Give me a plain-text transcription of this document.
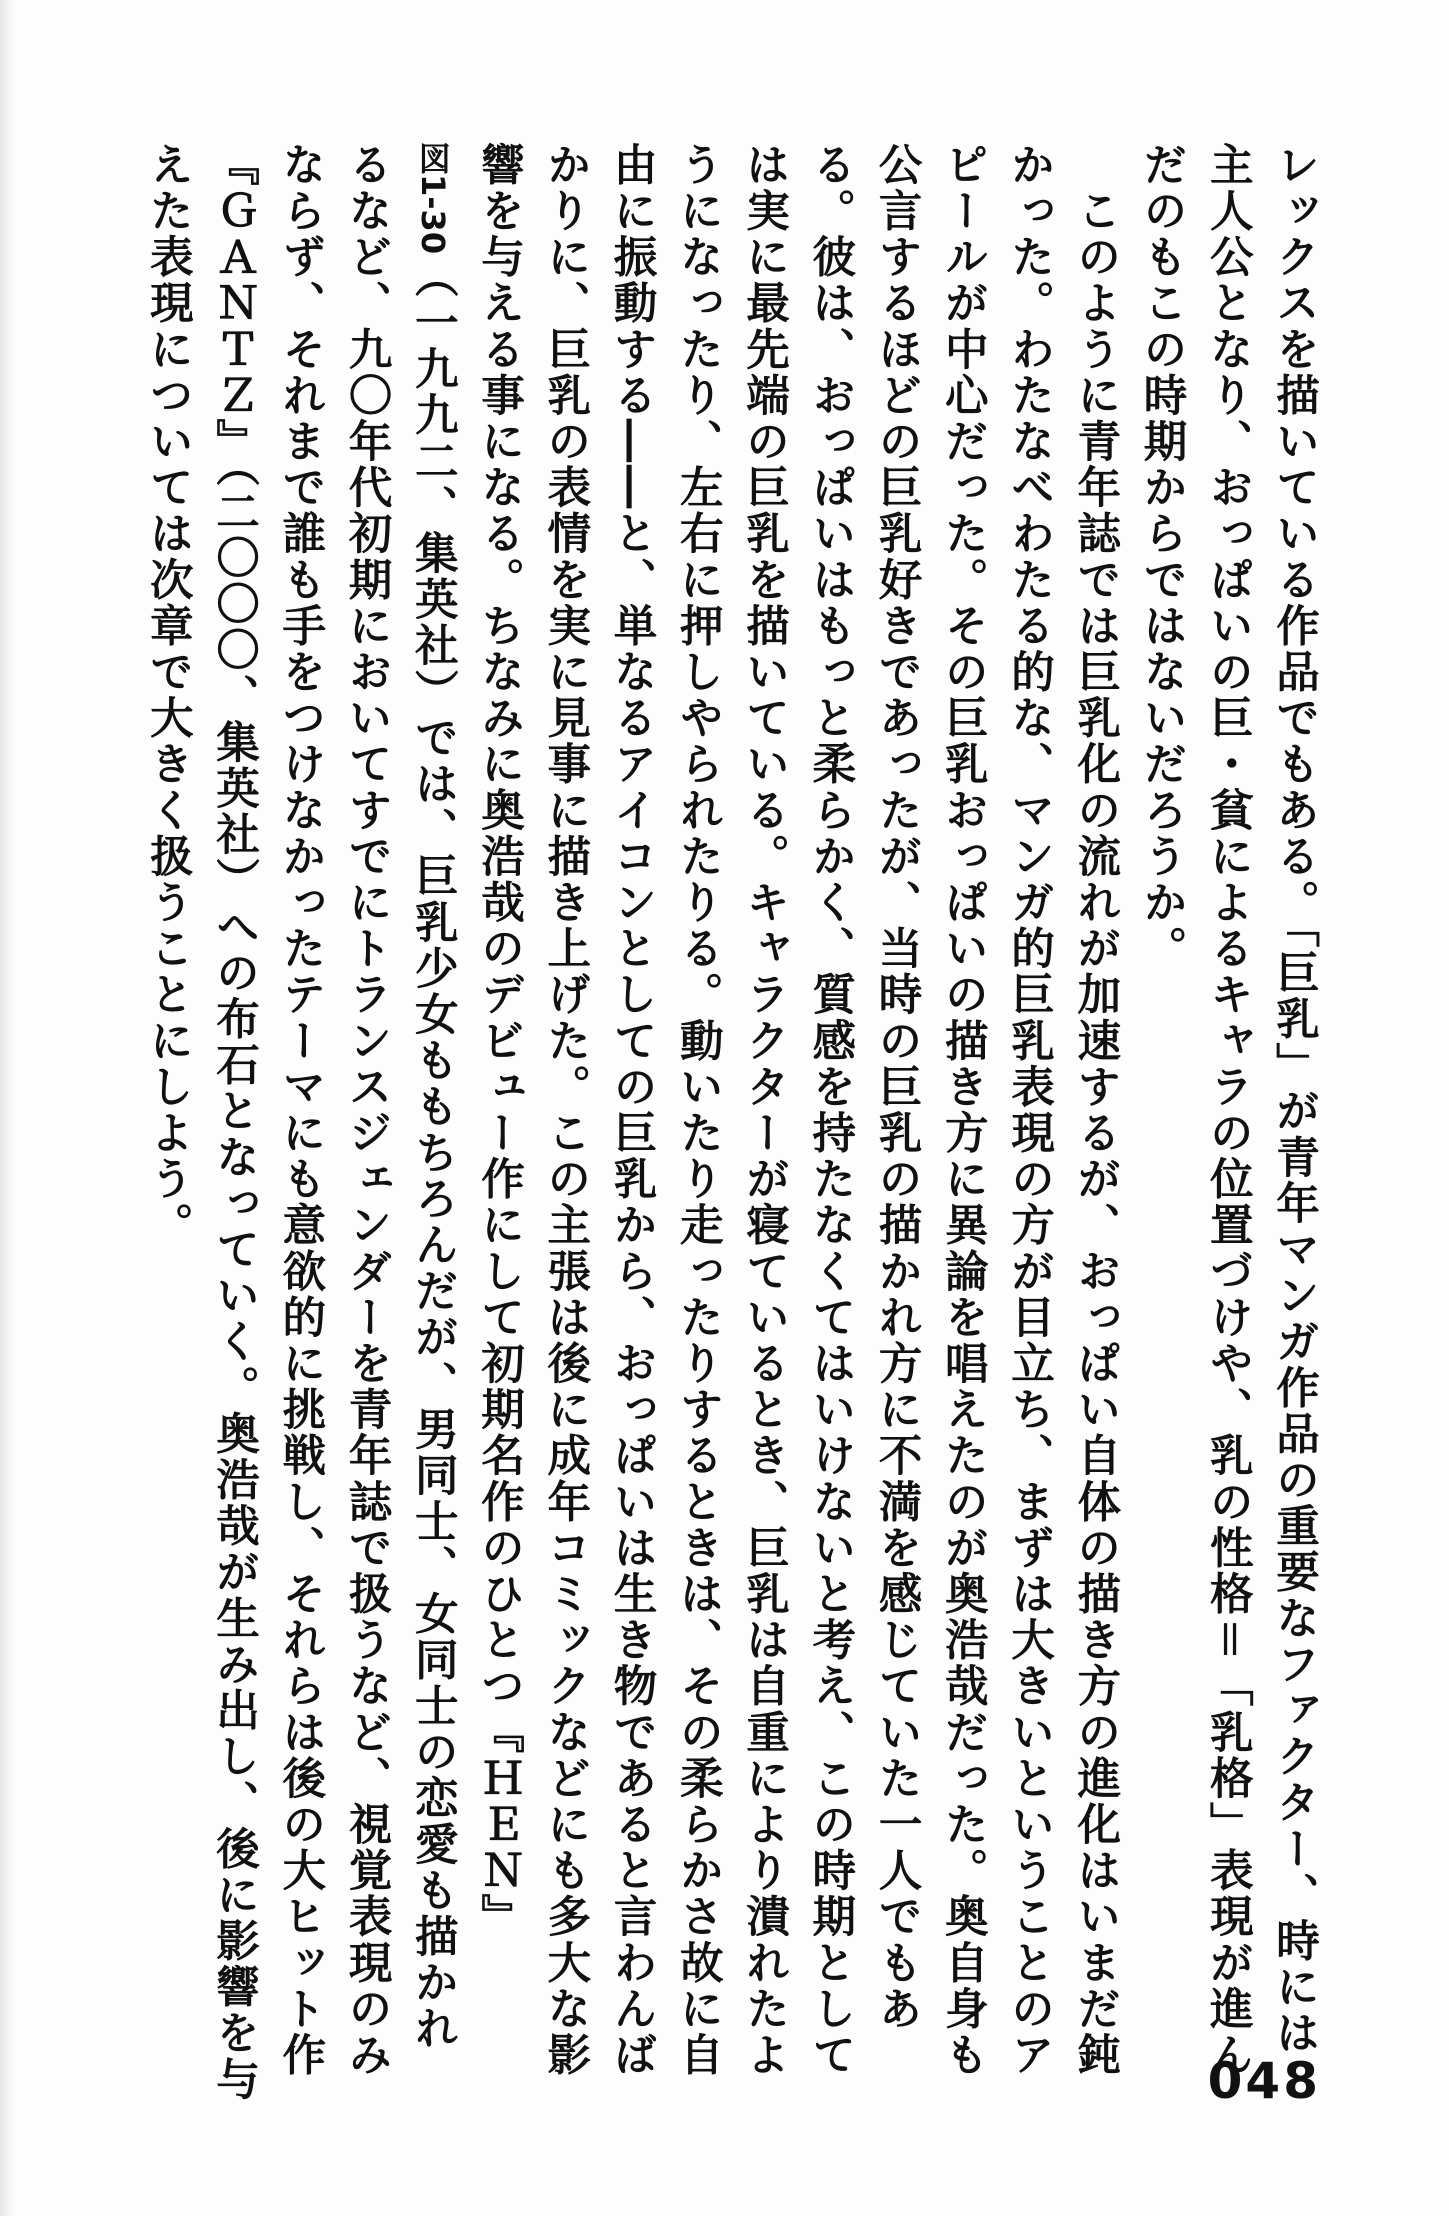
レックスを描いている作品でもある。「巨乳」が青年マンガ作品の重要なファクター、時には
主人公となり、おっぱいの巨・貧によるキャラの位置づけや、乳の性格＝「乳格」表現が進ん
だのもこの時期からではないだろうか。
　このように青年誌では巨乳化の流れが加速するが、おっぱい自体の描き方の進化はいまだ鈍
かった。わたなべわたる的な、マンガ的巨乳表現の方が目立ち、まずは大きいということのア
ピールが中心だった。その巨乳おっぱいの描き方に異論を唱えたのが奥浩哉だった。奥自身も
公言するほどの巨乳好きであったが、当時の巨乳の描かれ方に不満を感じていた一人でもあ
る。彼は、おっぱいはもっと柔らかく、質感を持たなくてはいけないと考え、この時期として
は実に最先端の巨乳を描いている。キャラクターが寝ているとき、巨乳は自重により潰れたよ
うになったり、左右に押しやられたりる。動いたり走ったりするときは、その柔らかさ故に自
由に振動する――と、単なるアイコンとしての巨乳から、おっぱいは生き物であると言わんば
かりに、巨乳の表情を実に見事に描き上げた。この主張は後に成年コミックなどにも多大な影
響を与える事になる。ちなみに奥浩哉のデビュー作にして初期名作のひとつ『ＨＥＮ』
図1-30（一九九二、集英社）では、巨乳少女ももちろんだが、男同士、女同士の恋愛も描かれ
るなど、九〇年代初期においてすでにトランスジェンダーを青年誌で扱うなど、視覚表現のみ
ならず、それまで誰も手をつけなかったテーマにも意欲的に挑戦し、それらは後の大ヒット作
『ＧＡＮＴＺ』（二〇〇〇、集英社）への布石となっていく。奥浩哉が生み出し、後に影響を与
えた表現については次章で大きく扱うことにしよう。
048
